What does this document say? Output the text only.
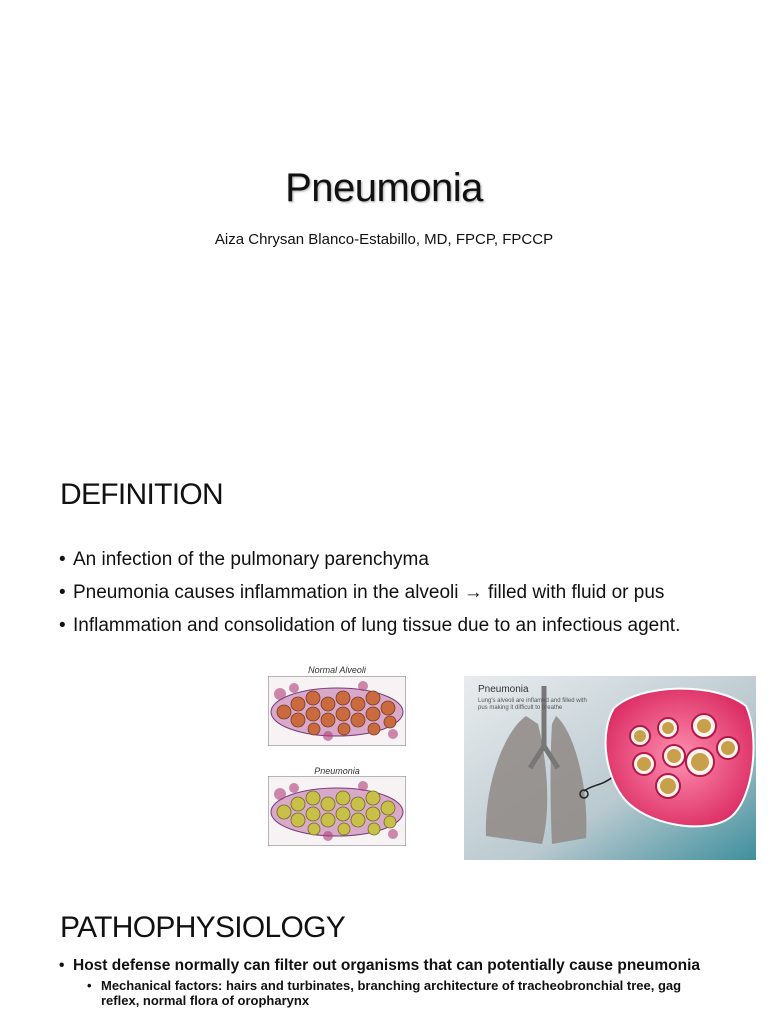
Pneumonia
Aiza Chrysan Blanco-Estabillo, MD, FPCP, FPCCP
DEFINITION
• An infection of the pulmonary parenchyma
• Pneumonia causes inflammation in the alveoli → filled with fluid or pus
• Inflammation and consolidation of lung tissue due to an infectious agent.
Normal Alveoli
Pneumonia
Pneumonia
Lung's alveoli are inflamed and filled with pus making it difficult to breathe
PATHOPHYSIOLOGY
• Host defense normally can filter out organisms that can potentially cause pneumonia
• Mechanical factors: hairs and turbinates, branching architecture of tracheobronchial tree, gag reflex, normal flora of oropharynx
